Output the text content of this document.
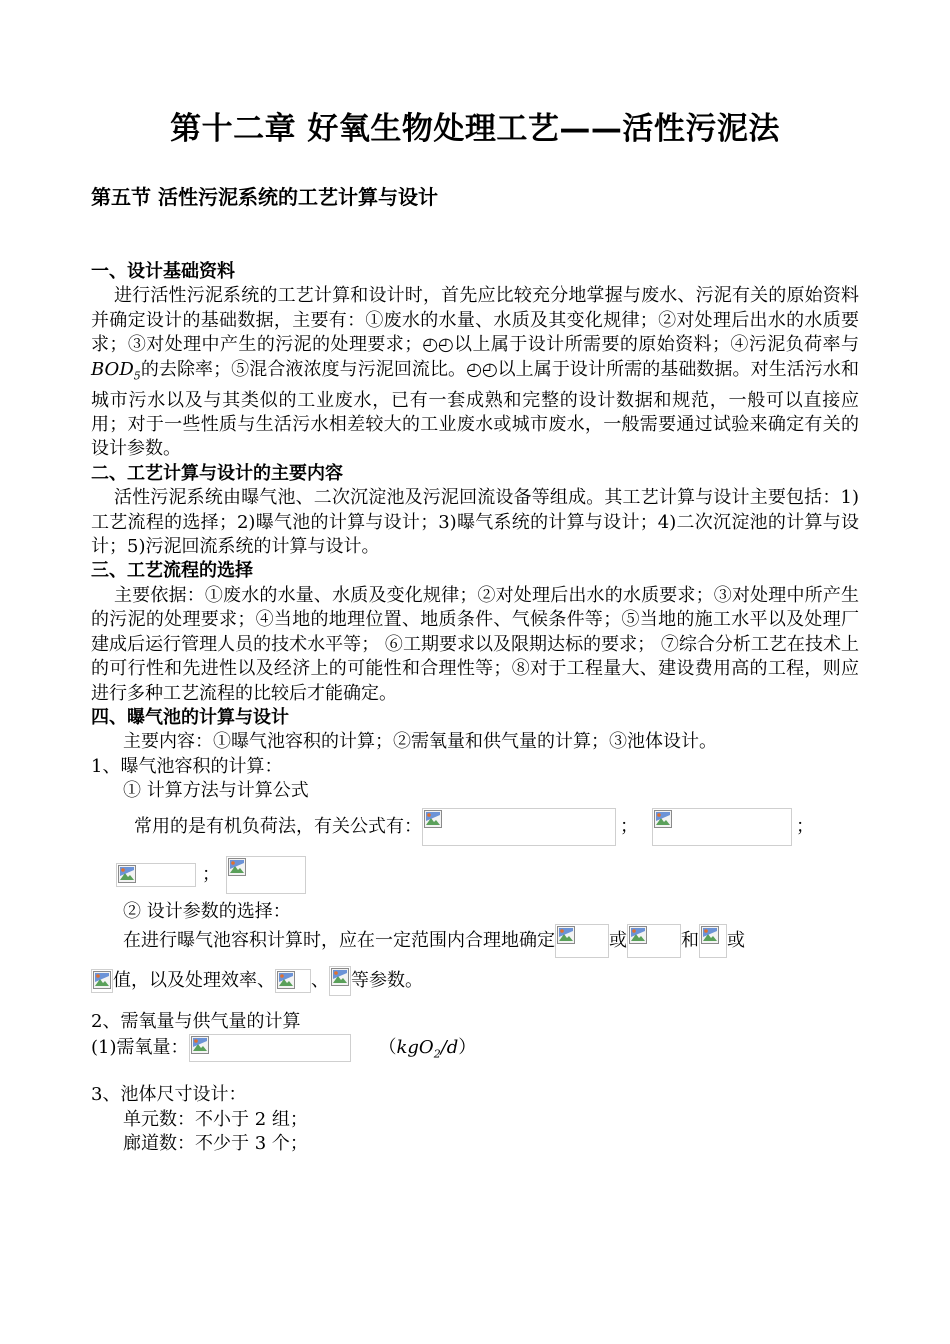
第十二章 好氧生物处理工艺——活性污泥法
第五节 活性污泥系统的工艺计算与设计
一、设计基础资料

进行活性污泥系统的工艺计算和设计时，首先应比较充分地掌握与废水、污泥有关的原始资料并确定设计的基础数据，主要有：①废水的水量、水质及其变化规律；②对处理后出水的水质要求；③对处理中产生的污泥的处理要求；◴◴以上属于设计所需要的原始资料；④污泥负荷率与$BOD_5$的去除率；⑤混合液浓度与污泥回流比。◴◴以上属于设计所需的基础数据。对生活污水和城市污水以及与其类似的工业废水，已有一套成熟和完整的设计数据和规范，一般可以直接应用；对于一些性质与生活污水相差较大的工业废水或城市废水，一般需要通过试验来确定有关的设计参数。

二、工艺计算与设计的主要内容

活性污泥系统由曝气池、二次沉淀池及污泥回流设备等组成。其工艺计算与设计主要包括：1)工艺流程的选择；2)曝气池的计算与设计；3)曝气系统的计算与设计；4)二次沉淀池的计算与设计；5)污泥回流系统的计算与设计。

三、工艺流程的选择

主要依据：①废水的水量、水质及变化规律；②对处理后出水的水质要求；③对处理中所产生的污泥的处理要求；④当地的地理位置、地质条件、气候条件等；⑤当地的施工水平以及处理厂建成后运行管理人员的技术水平等； ⑥工期要求以及限期达标的要求； ⑦综合分析工艺在技术上的可行性和先进性以及经济上的可能性和合理性等；⑧对于工程量大、建设费用高的工程，则应进行多种工艺流程的比较后才能确定。

四、曝气池的计算与设计

主要内容：①曝气池容积的计算；②需氧量和供气量的计算；③池体设计。

1、曝气池容积的计算：

① 计算方法与计算公式

常用的是有机负荷法，有关公式有：	；	；

；

② 设计参数的选择：

在进行曝气池容积计算时，应在一定范围内合理地确定	或	和 或

值，以及处理效率、 、 等参数。

2、需氧量与供气量的计算

(1)需氧量：	（kgO$_2$/d）

3、池体尺寸设计：

单元数：不小于 2 组；

廊道数：不少于 3 个；
